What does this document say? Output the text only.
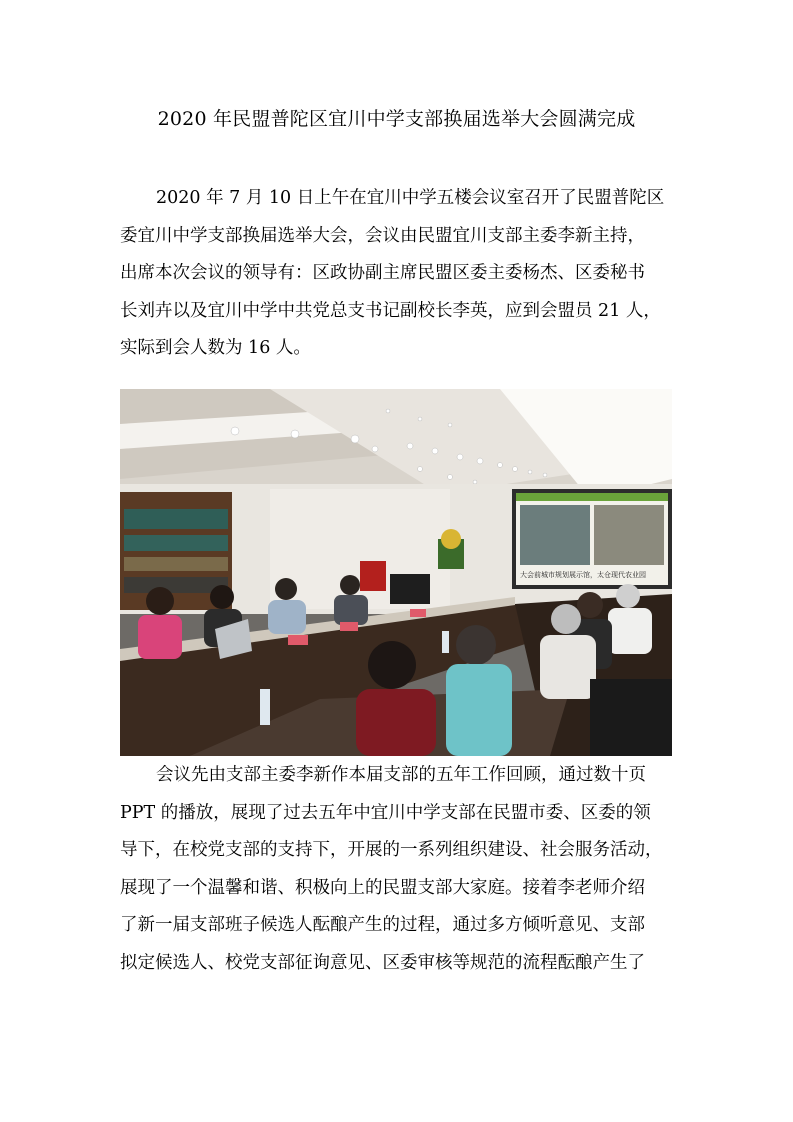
2020 年民盟普陀区宜川中学支部换届选举大会圆满完成
2020 年 7 月 10 日上午在宜川中学五楼会议室召开了民盟普陀区
委宜川中学支部换届选举大会，会议由民盟宜川支部主委李新主持，
出席本次会议的领导有：区政协副主席民盟区委主委杨杰、区委秘书
长刘卉以及宜川中学中共党总支书记副校长李英，应到会盟员 21 人，
实际到会人数为 16 人。
大会前城市规划展示馆，太仓现代农业园
会议先由支部主委李新作本届支部的五年工作回顾，通过数十页
PPT 的播放，展现了过去五年中宜川中学支部在民盟市委、区委的领
导下，在校党支部的支持下，开展的一系列组织建设、社会服务活动，
展现了一个温馨和谐、积极向上的民盟支部大家庭。接着李老师介绍
了新一届支部班子候选人酝酿产生的过程，通过多方倾听意见、支部
拟定候选人、校党支部征询意见、区委审核等规范的流程酝酿产生了
